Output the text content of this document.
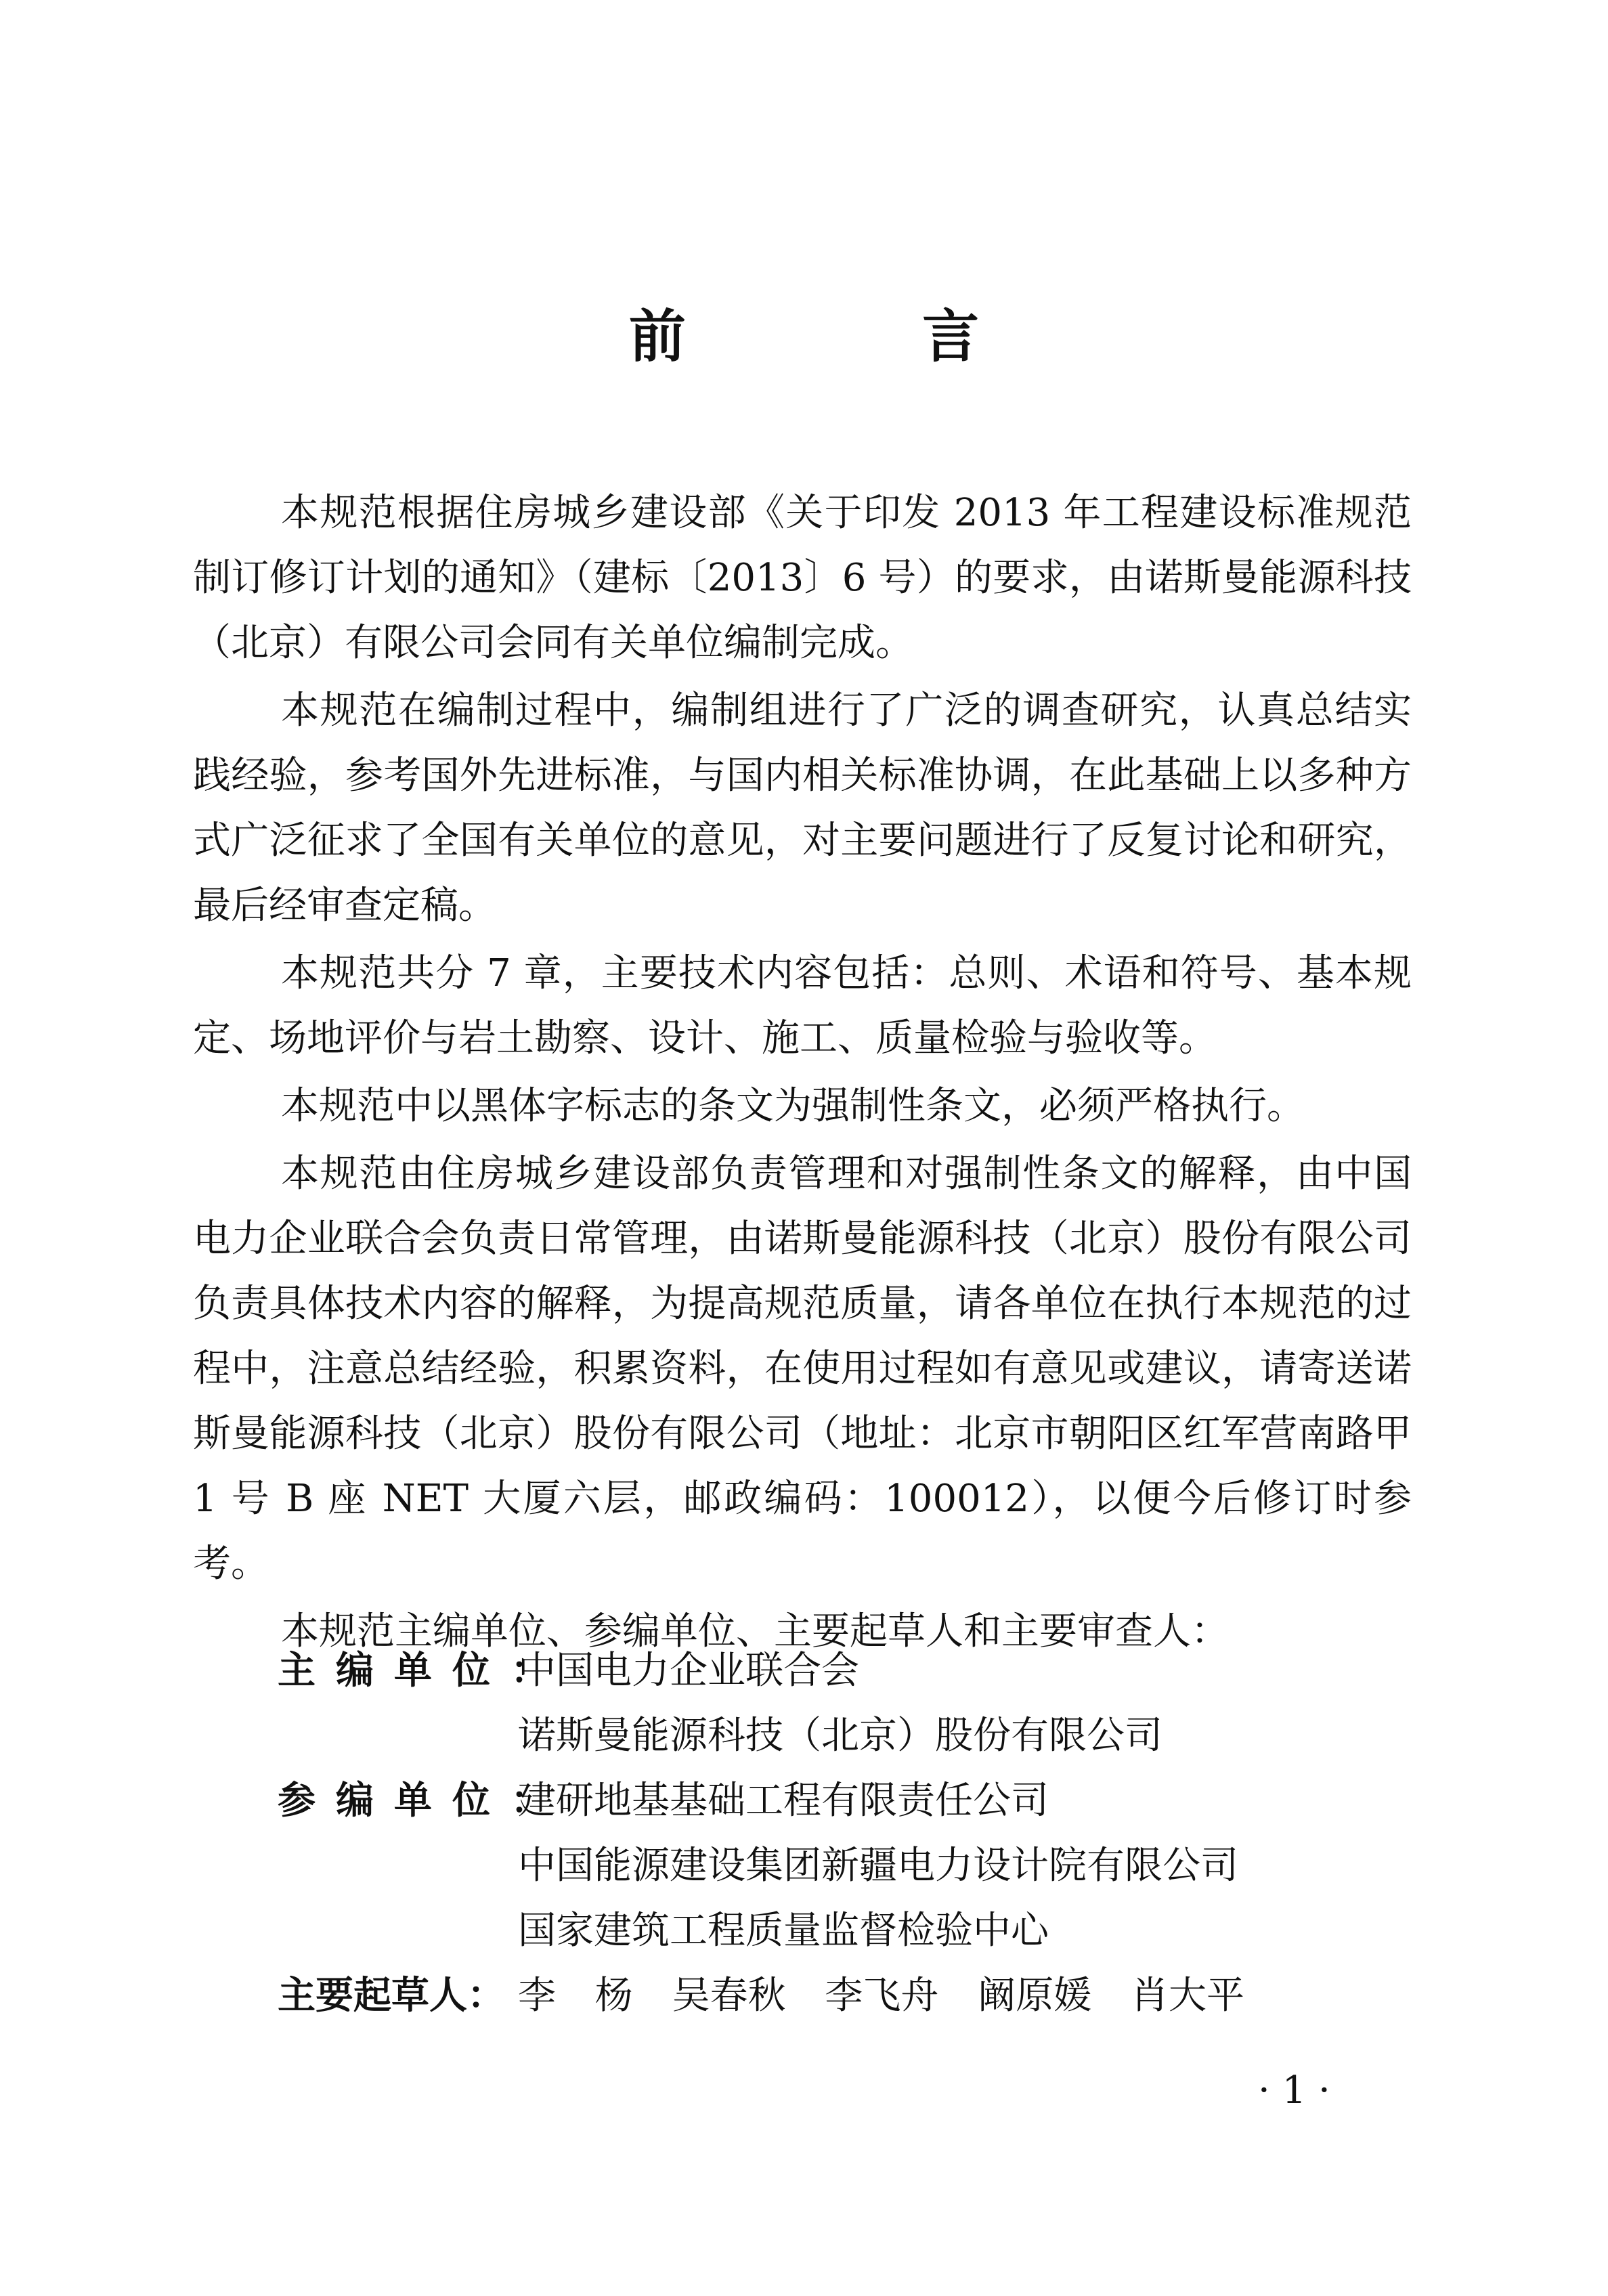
前 言

本规范根据住房城乡建设部《关于印发 2013 年工程建设标准规范制订修订计划的通知》（建标〔2013〕6 号）的要求，由诺斯曼能源科技（北京）有限公司会同有关单位编制完成。

本规范在编制过程中，编制组进行了广泛的调查研究，认真总结实践经验，参考国外先进标准，与国内相关标准协调，在此基础上以多种方式广泛征求了全国有关单位的意见，对主要问题进行了反复讨论和研究，最后经审查定稿。

本规范共分 7 章，主要技术内容包括：总则、术语和符号、基本规定、场地评价与岩土勘察、设计、施工、质量检验与验收等。

本规范中以黑体字标志的条文为强制性条文，必须严格执行。

本规范由住房城乡建设部负责管理和对强制性条文的解释，由中国电力企业联合会负责日常管理，由诺斯曼能源科技（北京）股份有限公司负责具体技术内容的解释，为提高规范质量，请各单位在执行本规范的过程中，注意总结经验，积累资料，在使用过程如有意见或建议，请寄送诺斯曼能源科技（北京）股份有限公司（地址：北京市朝阳区红军营南路甲 1 号 B 座 NET 大厦六层，邮政编码：100012），以便今后修订时参考。

本规范主编单位、参编单位、主要起草人和主要审查人：

主编单位：中国电力企业联合会

诺斯曼能源科技（北京）股份有限公司

参编单位：建研地基基础工程有限责任公司

中国能源建设集团新疆电力设计院有限公司

国家建筑工程质量监督检验中心

主要起草人： 李 杨 吴春秋 李飞舟 阚原媛 肖大平

· 1 ·
